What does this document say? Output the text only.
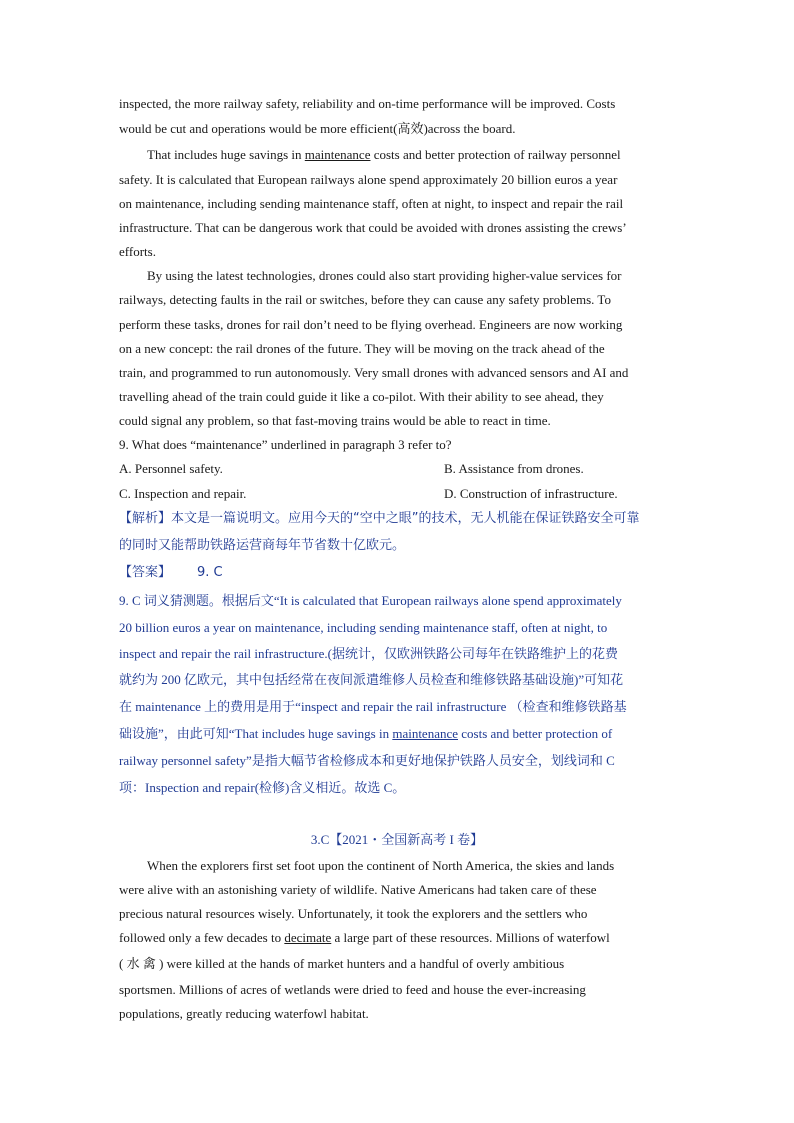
inspected, the more railway safety, reliability and on-time performance will be improved. Costs
would be cut and operations would be more efficient(高效)across the board.
That includes huge savings in maintenance costs and better protection of railway personnel
safety. It is calculated that European railways alone spend approximately 20 billion euros a year
on maintenance, including sending maintenance staff, often at night, to inspect and repair the rail
infrastructure. That can be dangerous work that could be avoided with drones assisting the crews’
efforts.
By using the latest technologies, drones could also start providing higher-value services for
railways, detecting faults in the rail or switches, before they can cause any safety problems. To
perform these tasks, drones for rail don’t need to be flying overhead. Engineers are now working
on a new concept: the rail drones of the future. They will be moving on the track ahead of the
train, and programmed to run autonomously. Very small drones with advanced sensors and AI and
travelling ahead of the train could guide it like a co-pilot. With their ability to see ahead, they
could signal any problem, so that fast-moving trains would be able to react in time.
9. What does “maintenance” underlined in paragraph 3 refer to?
A. Personnel safety.	B. Assistance from drones.
C. Inspection and repair.	D. Construction of infrastructure.
【解析】本文是一篇说明文。应用今天的“空中之眼”的技术，无人机能在保证铁路安全可靠
的同时又能帮助铁路运营商每年节省数十亿欧元。
【答案】 9. C
9. C 词义猜测题。根据后文“It is calculated that European railways alone spend approximately
20 billion euros a year on maintenance, including sending maintenance staff, often at night, to
inspect and repair the rail infrastructure.(据统计，仅欧洲铁路公司每年在铁路维护上的花费
就约为 200 亿欧元，其中包括经常在夜间派遣维修人员检查和维修铁路基础设施)”可知花
在 maintenance 上的费用是用于“inspect and repair the rail infrastructure （检查和维修铁路基
础设施”，由此可知“That includes huge savings in maintenance costs and better protection of
railway personnel safety”是指大幅节省检修成本和更好地保护铁路人员安全，划线词和 C
项：Inspection and repair(检修)含义相近。故选 C。
3.C【2021・全国新高考 I 卷】
When the explorers first set foot upon the continent of North America, the skies and lands
were alive with an astonishing variety of wildlife. Native Americans had taken care of these
precious natural resources wisely. Unfortunately, it took the explorers and the settlers who
followed only a few decades to decimate a large part of these resources. Millions of waterfowl
( 水 禽 ) were killed at the hands of market hunters and a handful of overly ambitious
sportsmen. Millions of acres of wetlands were dried to feed and house the ever-increasing
populations, greatly reducing waterfowl habitat.
